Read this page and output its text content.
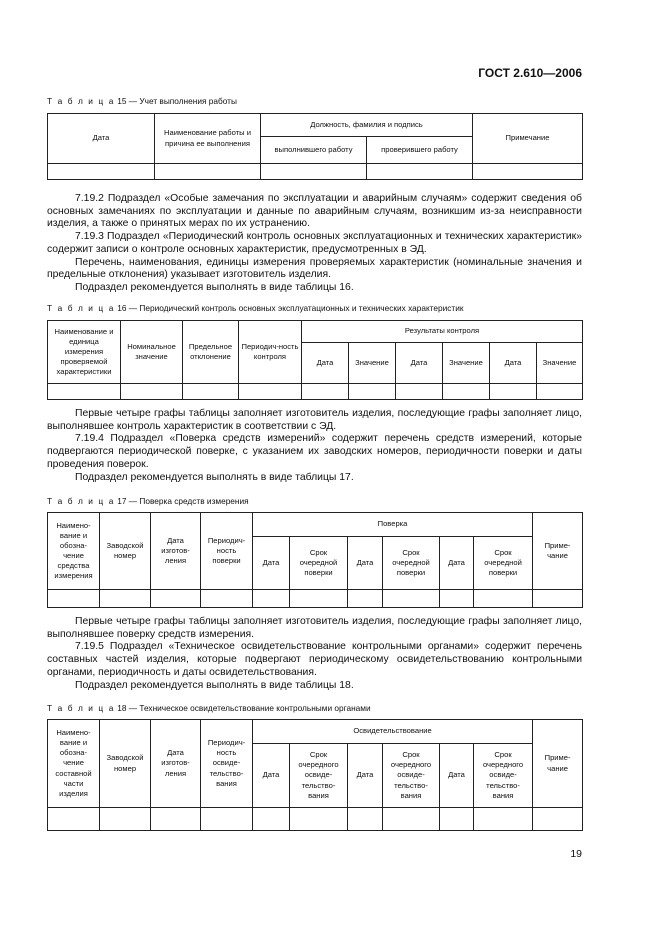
ГОСТ 2.610—2006
Т а б л и ц а 15 — Учет выполнения работы
Дата	Наименование работы и причина ее выполнения	Должность, фамилия и подпись		Примечание
		выполнившего работу	проверившего работу	

7.19.2 Подраздел «Особые замечания по эксплуатации и аварийным случаям» содержит сведения об основных замечаниях по эксплуатации и данные по аварийным случаям, возникшим из-за неисправности изделия, а также о принятых мерах по их устранению.

7.19.3 Подраздел «Периодический контроль основных эксплуатационных и технических характеристик» содержит записи о контроле основных характеристик, предусмотренных в ЭД.

Перечень, наименования, единицы измерения проверяемых характеристик (номинальные значения и предельные отклонения) указывает изготовитель изделия.

Подраздел рекомендуется выполнять в виде таблицы 16.

Т а б л и ц а 16 — Периодический контроль основных эксплуатационных и технических характеристик
Наименование и единица измерения проверяемой характеристики	Номинальное значение	Предельное отклонение	Периодич-ность контроля	Результаты контроля					
				Дата	Значение	Дата	Значение	Дата	Значение

Первые четыре графы таблицы заполняет изготовитель изделия, последующие графы заполняет лицо, выполнявшее контроль характеристик в соответствии с ЭД.

7.19.4 Подраздел «Поверка средств измерений» содержит перечень средств измерений, которые подвергаются периодической поверке, с указанием их заводских номеров, периодичности поверки и даты проведения поверок.

Подраздел рекомендуется выполнять в виде таблицы 17.

Т а б л и ц а 17 — Поверка средств измерения
Наимено-вание и обозна-чение средства измерения	Заводской номер	Дата изготов-ления	Периодич-ность поверки	Поверка						Приме-чание
				Дата	Срок очередной поверки	Дата	Срок очередной поверки	Дата	Срок очередной поверки	

Первые четыре графы таблицы заполняет изготовитель изделия, последующие графы заполняет лицо, выполнявшее поверку средств измерения.

7.19.5 Подраздел «Техническое освидетельствование контрольными органами» содержит перечень составных частей изделия, которые подвергают периодическому освидетельствованию контрольными органами, периодичность и даты освидетельствования.

Подраздел рекомендуется выполнять в виде таблицы 18.

Т а б л и ц а 18 — Техническое освидетельствование контрольными органами
Наимено-вание и обозна-чение составной части изделия	Заводской номер	Дата изготов-ления	Периодич-ность освиде-тельство-вания	Освидетельствование						Приме-чание
				Дата	Срок очередного освиде-тельство-вания	Дата	Срок очередного освиде-тельство-вания	Дата	Срок очередного освиде-тельство-вания	

19
